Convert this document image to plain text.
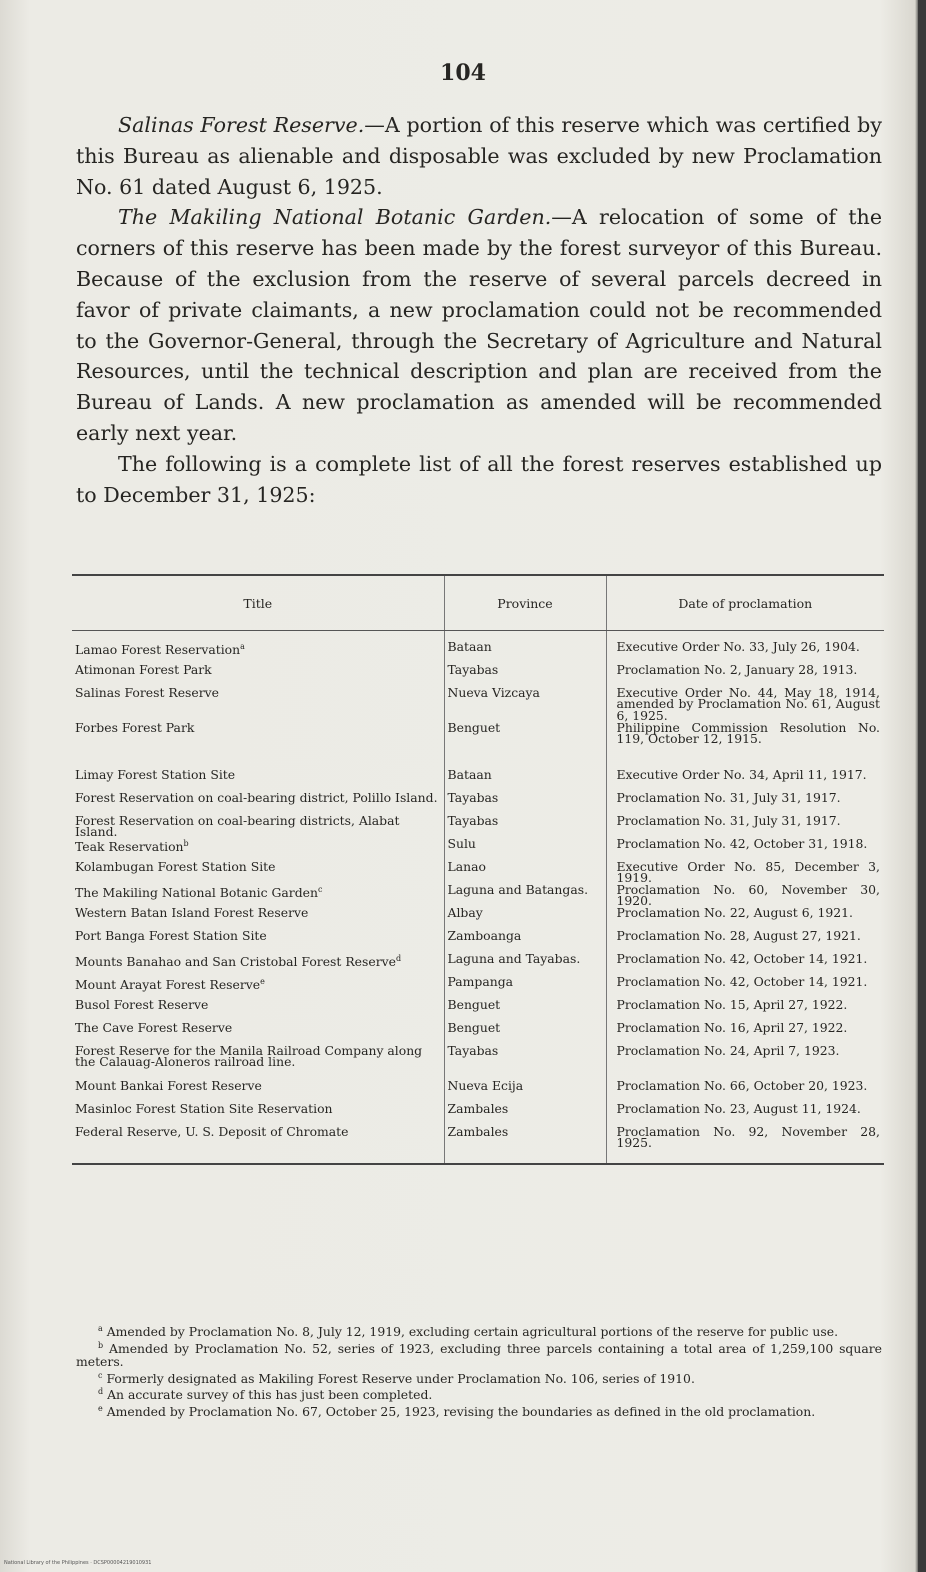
104

Salinas Forest Reserve.—A portion of this reserve which was certified by this Bureau as alienable and disposable was excluded by new Proclamation No. 61 dated August 6, 1925.

The Makiling National Botanic Garden.—A relocation of some of the corners of this reserve has been made by the forest surveyor of this Bureau. Because of the exclusion from the reserve of several parcels decreed in favor of private claimants, a new proclamation could not be recommended to the Governor-General, through the Secretary of Agriculture and Natural Resources, until the technical description and plan are received from the Bureau of Lands. A new proclamation as amended will be recommended early next year.

The following is a complete list of all the forest reserves established up to December 31, 1925:

Title	Province	Date of proclamation

Lamao Forest Reservation$^a$	Bataan	Executive Order No. 33, July 26, 1904.
Atimonan Forest Park	Tayabas	Proclamation No. 2, January 28, 1913.
Salinas Forest Reserve	Nueva Vizcaya	Executive Order No. 44, May 18, 1914, amended by Proclamation No. 61, August 6, 1925.
Forbes Forest Park	Benguet	Philippine Commission Resolution No. 119, October 12, 1915.
Limay Forest Station Site	Bataan	Executive Order No. 34, April 11, 1917.
Forest Reservation on coal-bearing district, Polillo Island.	Tayabas	Proclamation No. 31, July 31, 1917.
Forest Reservation on coal-bearing districts, Alabat Island.	Tayabas	Proclamation No. 31, July 31, 1917.
Teak Reservation$^b$	Sulu	Proclamation No. 42, October 31, 1918.
Kolambugan Forest Station Site	Lanao	Executive Order No. 85, December 3, 1919.
The Makiling National Botanic Garden$^c$	Laguna and Batangas.	Proclamation No. 60, November 30, 1920.
Western Batan Island Forest Reserve	Albay	Proclamation No. 22, August 6, 1921.
Port Banga Forest Station Site	Zamboanga	Proclamation No. 28, August 27, 1921.
Mounts Banahao and San Cristobal Forest Reserve$^d$	Laguna and Tayabas.	Proclamation No. 42, October 14, 1921.
Mount Arayat Forest Reserve$^e$	Pampanga	Proclamation No. 42, October 14, 1921.
Busol Forest Reserve	Benguet	Proclamation No. 15, April 27, 1922.
The Cave Forest Reserve	Benguet	Proclamation No. 16, April 27, 1922.
Forest Reserve for the Manila Railroad Company along the Calauag-Aloneros railroad line.	Tayabas	Proclamation No. 24, April 7, 1923.
Mount Bankai Forest Reserve	Nueva Ecija	Proclamation No. 66, October 20, 1923.
Masinloc Forest Station Site Reservation	Zambales	Proclamation No. 23, August 11, 1924.
Federal Reserve, U. S. Deposit of Chromate	Zambales	Proclamation No. 92, November 28, 1925.

$^a$ Amended by Proclamation No. 8, July 12, 1919, excluding certain agricultural portions of the reserve for public use.

$^b$ Amended by Proclamation No. 52, series of 1923, excluding three parcels containing a total area of 1,259,100 square meters.

$^c$ Formerly designated as Makiling Forest Reserve under Proclamation No. 106, series of 1910.

$^d$ An accurate survey of this has just been completed.

$^e$ Amended by Proclamation No. 67, October 25, 1923, revising the boundaries as defined in the old proclamation.

National Library of the Philippines · DCSP00004219010931
